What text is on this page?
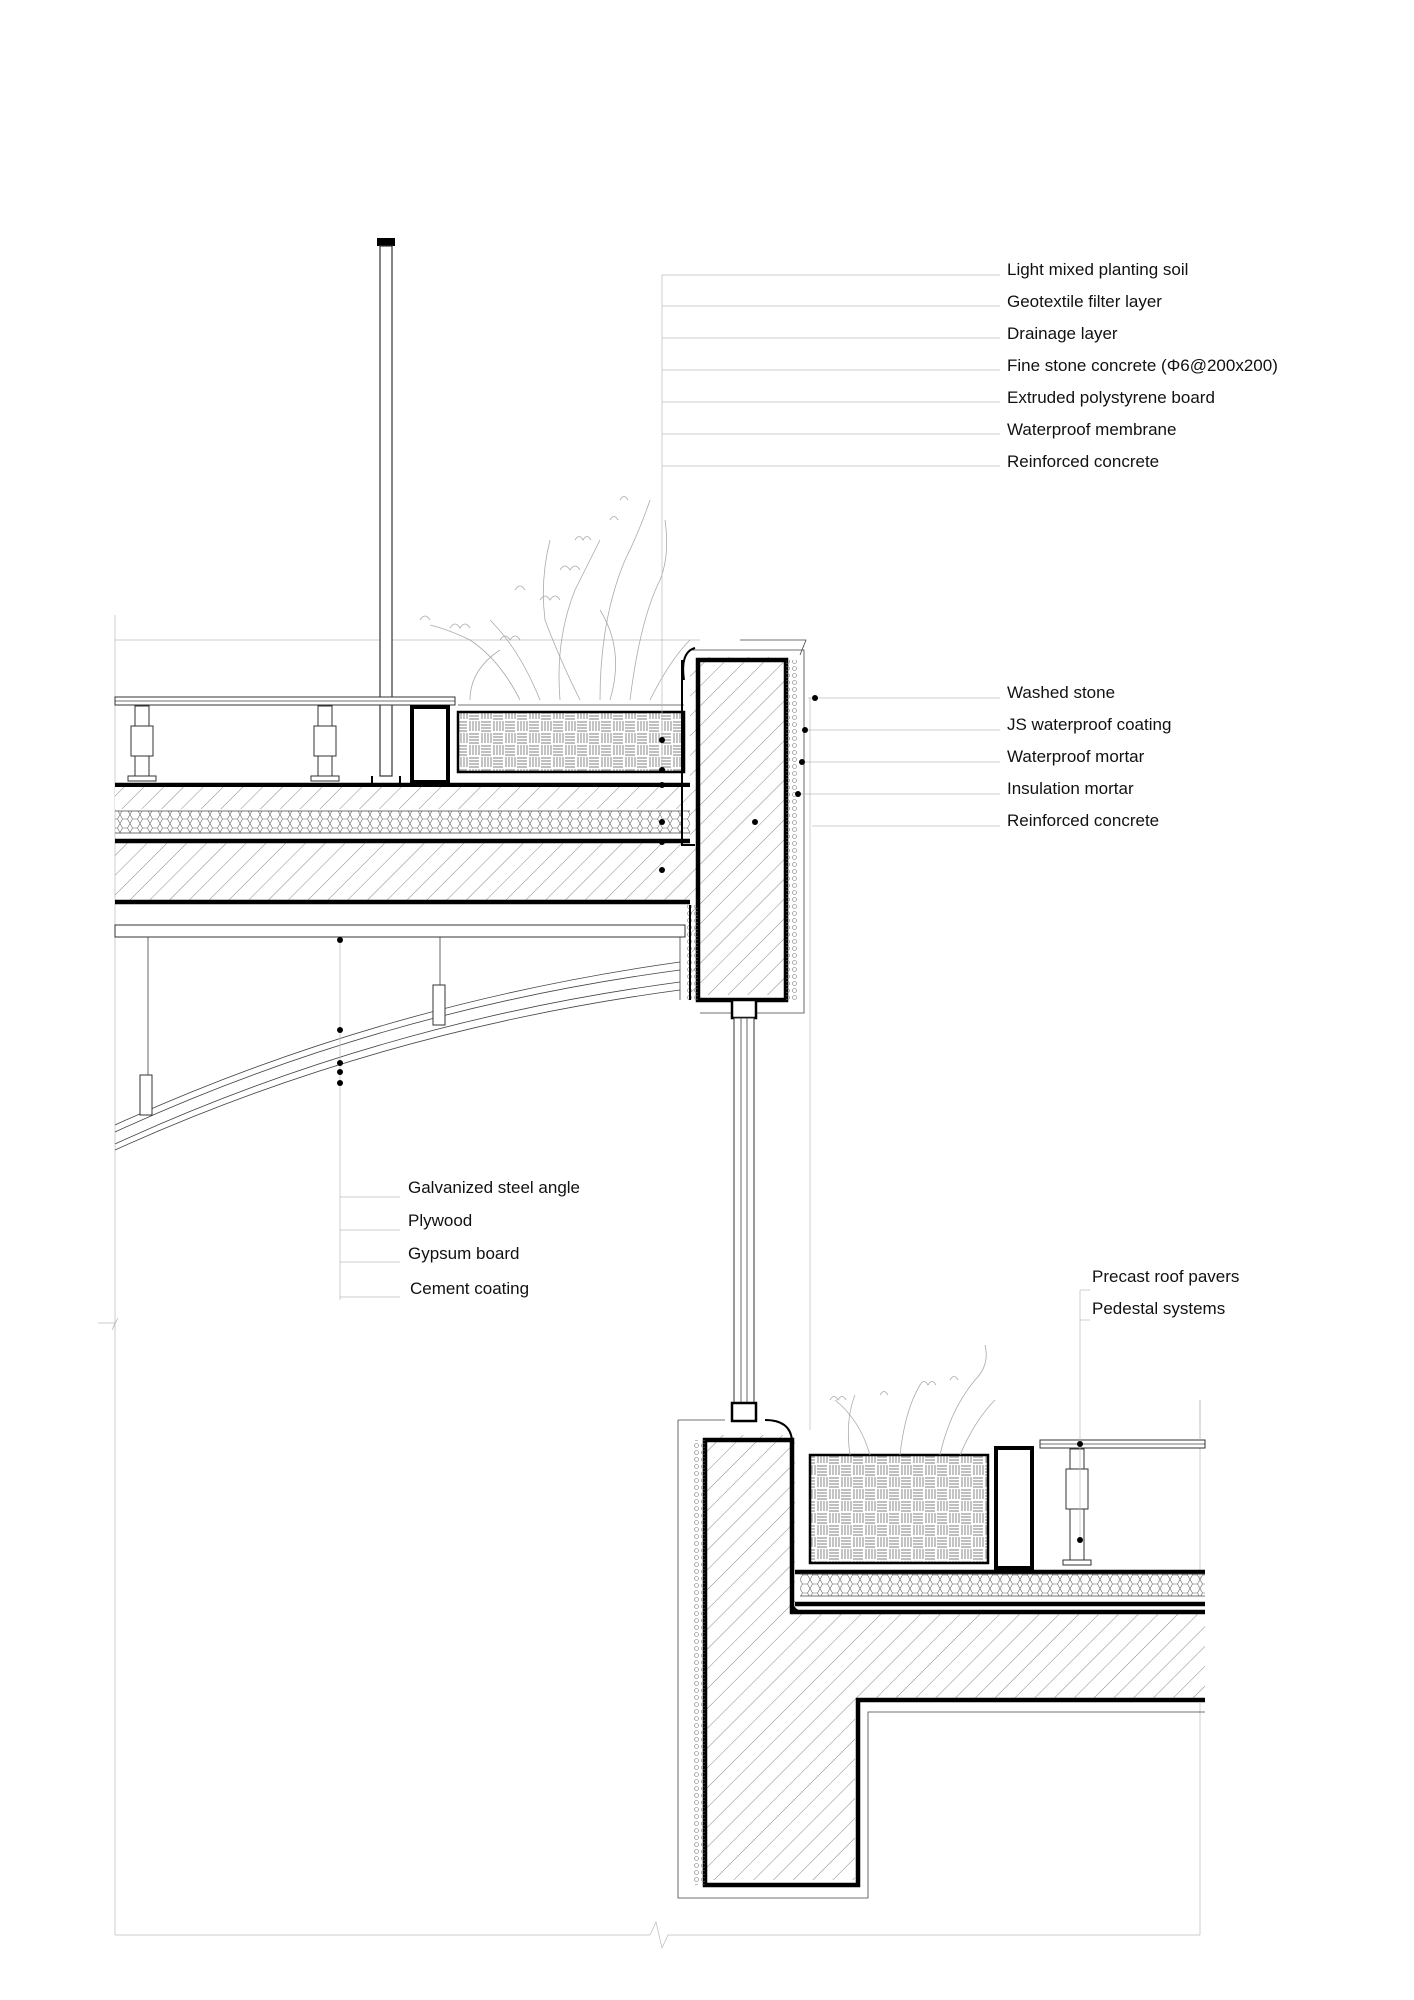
Light mixed planting soil
Geotextile filter layer
Drainage layer
Fine stone concrete (Φ6@200x200)
Extruded polystyrene board
Waterproof membrane
Reinforced concrete
Washed stone
JS waterproof coating
Waterproof mortar
Insulation mortar
Reinforced concrete
Galvanized steel angle
Plywood
Gypsum board
Cement coating
Precast roof pavers
Pedestal systems
